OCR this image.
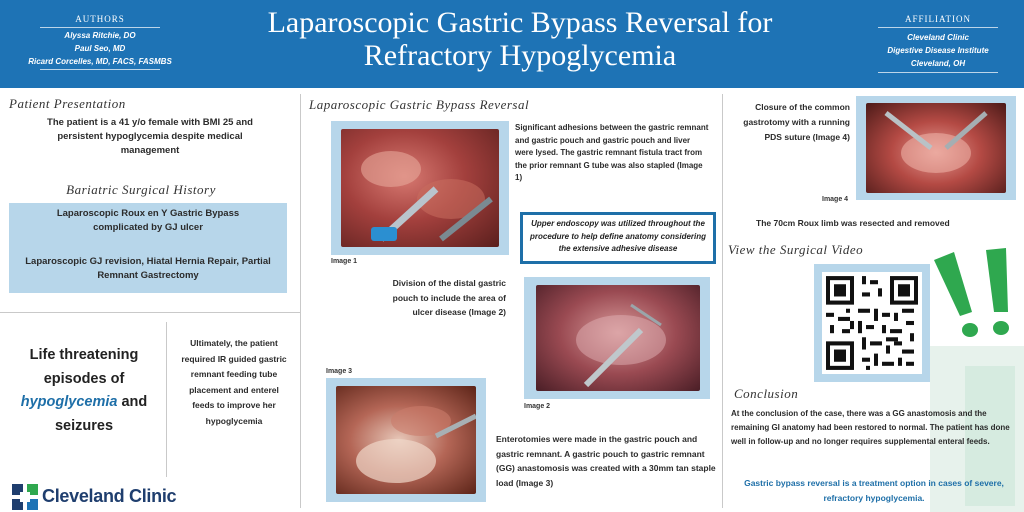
AUTHORS
Alyssa Ritchie, DO
Paul Seo, MD
Ricard Corcelles, MD, FACS, FASMBS
Laparoscopic Gastric Bypass Reversal for
Refractory Hypoglycemia
AFFILIATION
Cleveland Clinic
Digestive Disease Institute
Cleveland, OH
Patient Presentation
The patient is a 41 y/o female with BMI 25 and persistent hypoglycemia despite medical management
Bariatric Surgical History
Laparoscopic Roux en Y Gastric Bypass complicated by GJ ulcer
Laparoscopic GJ revision, Hiatal Hernia Repair, Partial Remnant Gastrectomy
Life threatening
episodes of
hypoglycemia and
seizures
Ultimately, the patient required IR guided gastric remnant feeding tube placement and enterel feeds to improve her hypoglycemia
Cleveland Clinic
Laparoscopic Gastric Bypass Reversal
Image 1
Significant adhesions between the gastric remnant and gastric pouch and gastric pouch and liver were lysed. The gastric remnant fistula tract from the prior remnant G tube was also stapled (Image 1)
Upper endoscopy was utilized throughout the procedure to help define anatomy considering the extensive adhesive disease
Division of the distal gastric pouch to include the area of ulcer disease (Image 2)
Image 2
Image 3
Enterotomies were made in the gastric pouch and gastric remnant. A gastric pouch to gastric remnant (GG) anastomosis was created with a 30mm tan staple load (Image 3)
Closure of the common gastrotomy with a running PDS suture (Image 4)
Image 4
The 70cm Roux limb was resected and removed
View the Surgical Video
Conclusion
At the conclusion of the case, there was a GG anastomosis and the remaining GI anatomy had been restored to normal. The patient has done well in follow-up and no longer requires supplemental enteral feeds.
Gastric bypass reversal is a treatment option in cases of severe, refractory hypoglycemia.
